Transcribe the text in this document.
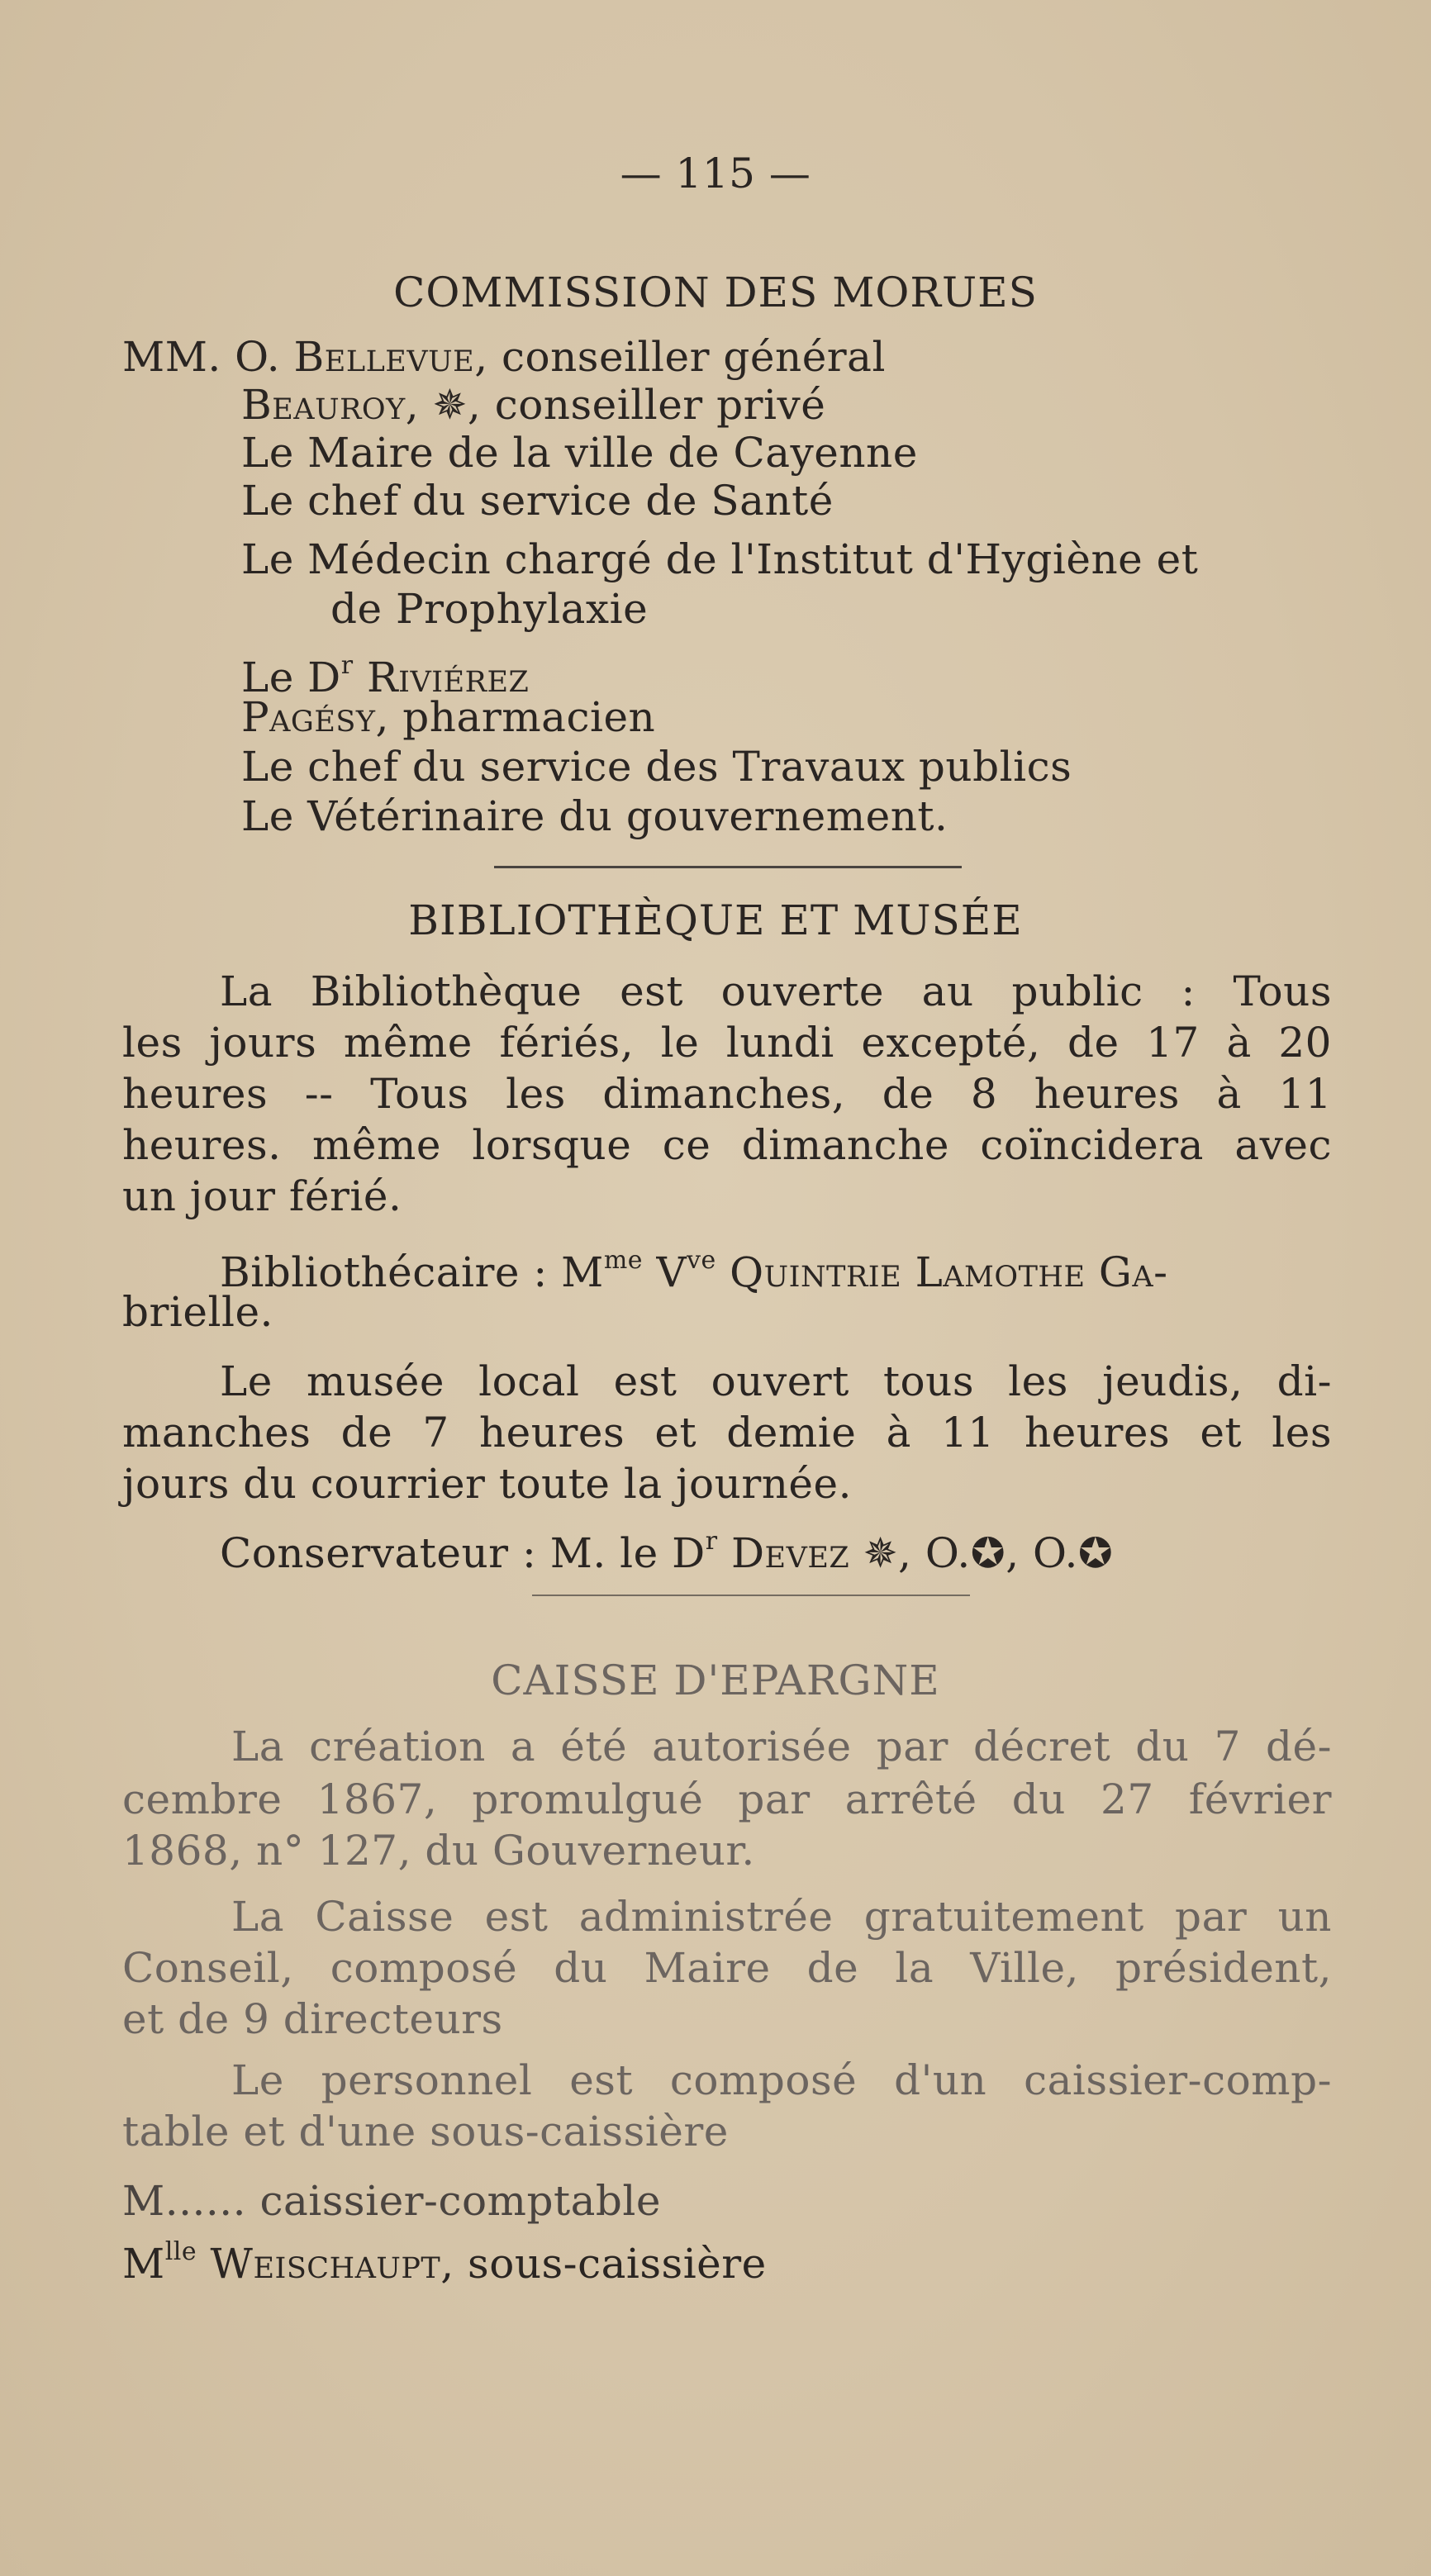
— 115 —
COMMISSION DES MORUES
MM. O. Bellevue, conseiller général
Beauroy, ✵, conseiller privé
Le Maire de la ville de Cayenne
Le chef du service de Santé
Le Médecin chargé de l'Institut d'Hygiène et
de Prophylaxie
Le $D^r$ Riviérez
Pagésy, pharmacien
Le chef du service des Travaux publics
Le Vétérinaire du gouvernement.
BIBLIOTHÈQUE ET MUSÉE
La Bibliothèque est ouverte au public : Tous
les jours même fériés, le lundi excepté, de 17 à 20
heures -- Tous les dimanches, de 8 heures à 11
heures. même lorsque ce dimanche coïncidera avec
un jour férié.
Bibliothécaire : $M^{me}$ $V^{ve}$ Quintrie Lamothe Ga-
brielle.
Le musée local est ouvert tous les jeudis, di-
manches de 7 heures et demie à 11 heures et les
jours du courrier toute la journée.
Conservateur : M. le $D^r$ Devez ✵, O.✪, O.✪
CAISSE D'EPARGNE
La création a été autorisée par décret du 7 dé-
cembre 1867, promulgué par arrêté du 27 février
1868, n° 127, du Gouverneur.
La Caisse est administrée gratuitement par un
Conseil, composé du Maire de la Ville, président,
et de 9 directeurs
Le personnel est composé d'un caissier-comp-
table et d'une sous-caissière
M...... caissier-comptable
$M^{lle}$ Weischaupt, sous-caissière
